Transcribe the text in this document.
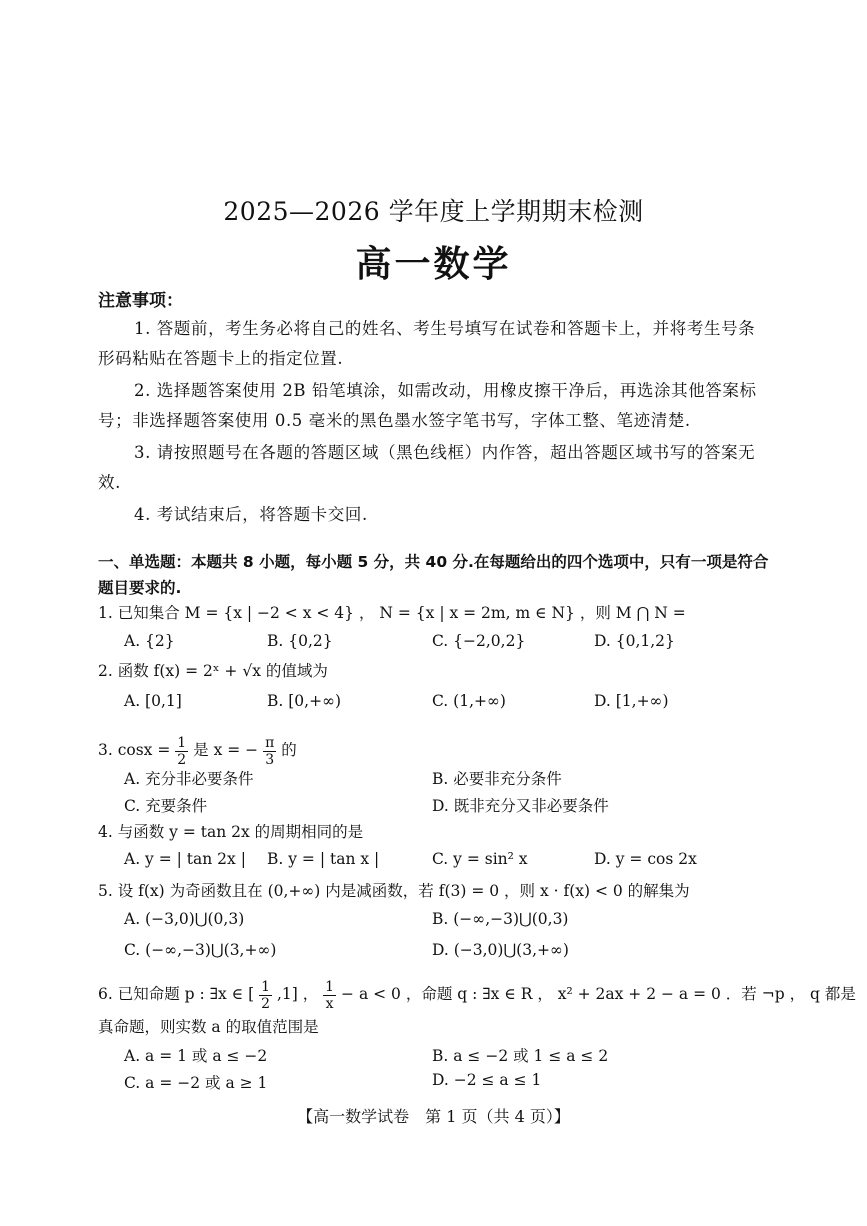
2025—2026 学年度上学期期末检测
高一数学
注意事项：
1. 答题前，考生务必将自己的姓名、考生号填写在试卷和答题卡上，并将考生号条形码粘贴在答题卡上的指定位置.
2. 选择题答案使用 2B 铅笔填涂，如需改动，用橡皮擦干净后，再选涂其他答案标号；非选择题答案使用 0.5 毫米的黑色墨水签字笔书写，字体工整、笔迹清楚.
3. 请按照题号在各题的答题区域（黑色线框）内作答，超出答题区域书写的答案无效.
4. 考试结束后，将答题卡交回.
一、单选题：本题共 8 小题，每小题 5 分，共 40 分.在每题给出的四个选项中，只有一项是符合题目要求的.
1. 已知集合 M = {x | −2 < x < 4} ， N = {x | x = 2m, m ∈ N} ，则 M ⋂ N =
A. {2}	B. {0,2}	C. {−2,0,2}	D. {0,1,2}
2. 函数 f(x) = 2ˣ + √x 的值域为
A. [0,1]	B. [0,+∞)	C. (1,+∞)	D. [1,+∞)
3. $\cos x = \frac{1}{2}$ 是 x = − $\frac{\pi}{3}$ 的
A. 充分非必要条件	B. 必要非充分条件
C. 充要条件	D. 既非充分又非必要条件
4. 与函数 y = tan 2x 的周期相同的是
A. y = | tan 2x | B. y = | tan x |	C. y = sin² x	D. y = cos 2x
5. 设 f(x) 为奇函数且在 (0,+∞) 内是减函数，若 f(3) = 0 ，则 x · f(x) < 0 的解集为
A. (−3,0)⋃(0,3)	B. (−∞,−3)⋃(0,3)
C. (−∞,−3)⋃(3,+∞)	D. (−3,0)⋃(3,+∞)
6. 已知命题 p : ∃x ∈ [ $\frac{1}{2} ,1$] ， $\frac{1}{x} - a < 0$ ，命题 q : ∃x ∈ R ， x² + 2ax + 2 − a = 0 ．若 ¬p ， q 都是
真命题，则实数 a 的取值范围是
A. a = 1 或 a ≤ −2	B. a ≤ −2 或 1 ≤ a ≤ 2
C. a = −2 或 a ≥ 1	D. −2 ≤ a ≤ 1
【高一数学试卷　第 1 页（共 4 页）】
